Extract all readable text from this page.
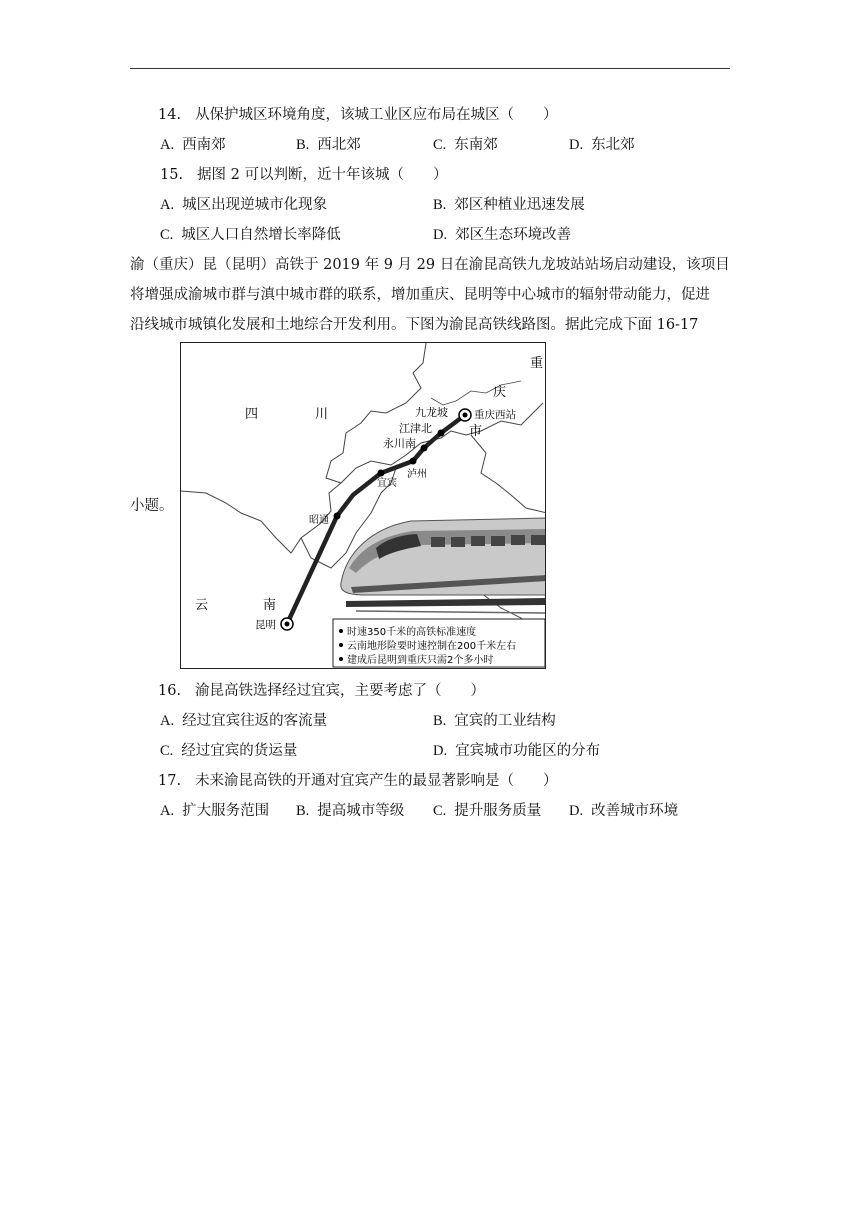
14. 从保护城区环境角度，该城工业区应布局在城区（　　）
A. 西南郊	B. 西北郊	C. 东南郊	D. 东北郊
15. 据图 2 可以判断，近十年该城（　　）
A. 城区出现逆城市化现象	B. 郊区种植业迅速发展
C. 城区人口自然增长率降低	D. 郊区生态环境改善
渝（重庆）昆（昆明）高铁于 2019 年 9 月 29 日在渝昆高铁九龙坡站站场启动建设，该项目
将增强成渝城市群与滇中城市群的联系，增加重庆、昆明等中心城市的辐射带动能力，促进
沿线城市城镇化发展和土地综合开发利用。下图为渝昆高铁线路图。据此完成下面 16-17
小题。
时速350千米的高铁标准速度
云南地形险要时速控制在200千米左右
建成后昆明到重庆只需2个多小时
四	川
云	南
重
庆
市
重庆西站
九龙坡
江津北
永川南
泸州
宜宾
昭通
昆明
16. 渝昆高铁选择经过宜宾，主要考虑了（　　）
A. 经过宜宾往返的客流量	B. 宜宾的工业结构
C. 经过宜宾的货运量	D. 宜宾城市功能区的分布
17. 未来渝昆高铁的开通对宜宾产生的最显著影响是（　　）
A. 扩大服务范围 B. 提高城市等级 C. 提升服务质量 D. 改善城市环境
